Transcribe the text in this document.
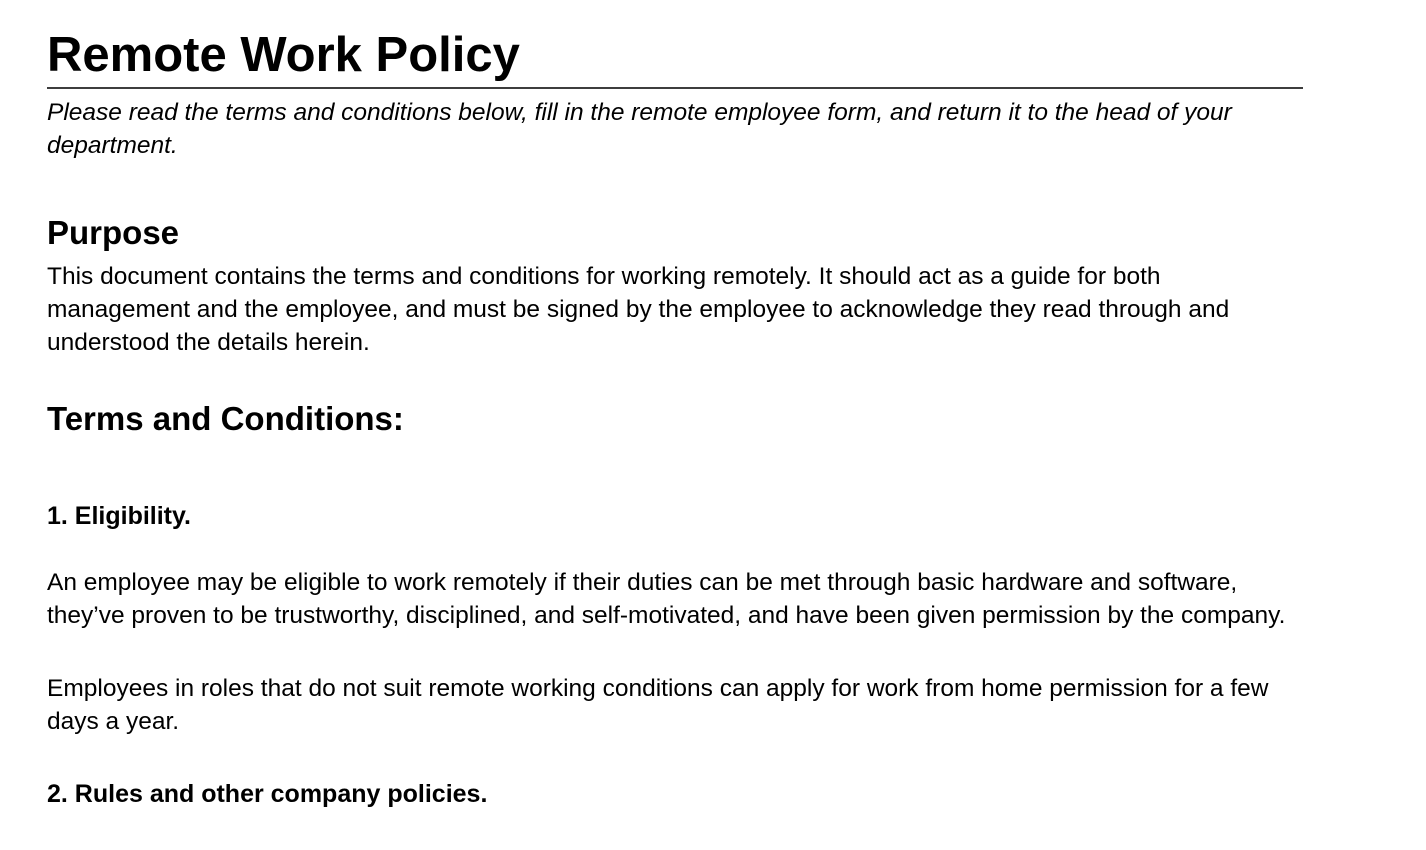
Remote Work Policy

Please read the terms and conditions below, fill in the remote employee form, and return it to the head of your department.

Purpose

This document contains the terms and conditions for working remotely. It should act as a guide for both management and the employee, and must be signed by the employee to acknowledge they read through and understood the details herein.

Terms and Conditions:
1. Eligibility.

An employee may be eligible to work remotely if their duties can be met through basic hardware and software, they’ve proven to be trustworthy, disciplined, and self-motivated, and have been given permission by the company.

Employees in roles that do not suit remote working conditions can apply for work from home permission for a few days a year.

2. Rules and other company policies.
